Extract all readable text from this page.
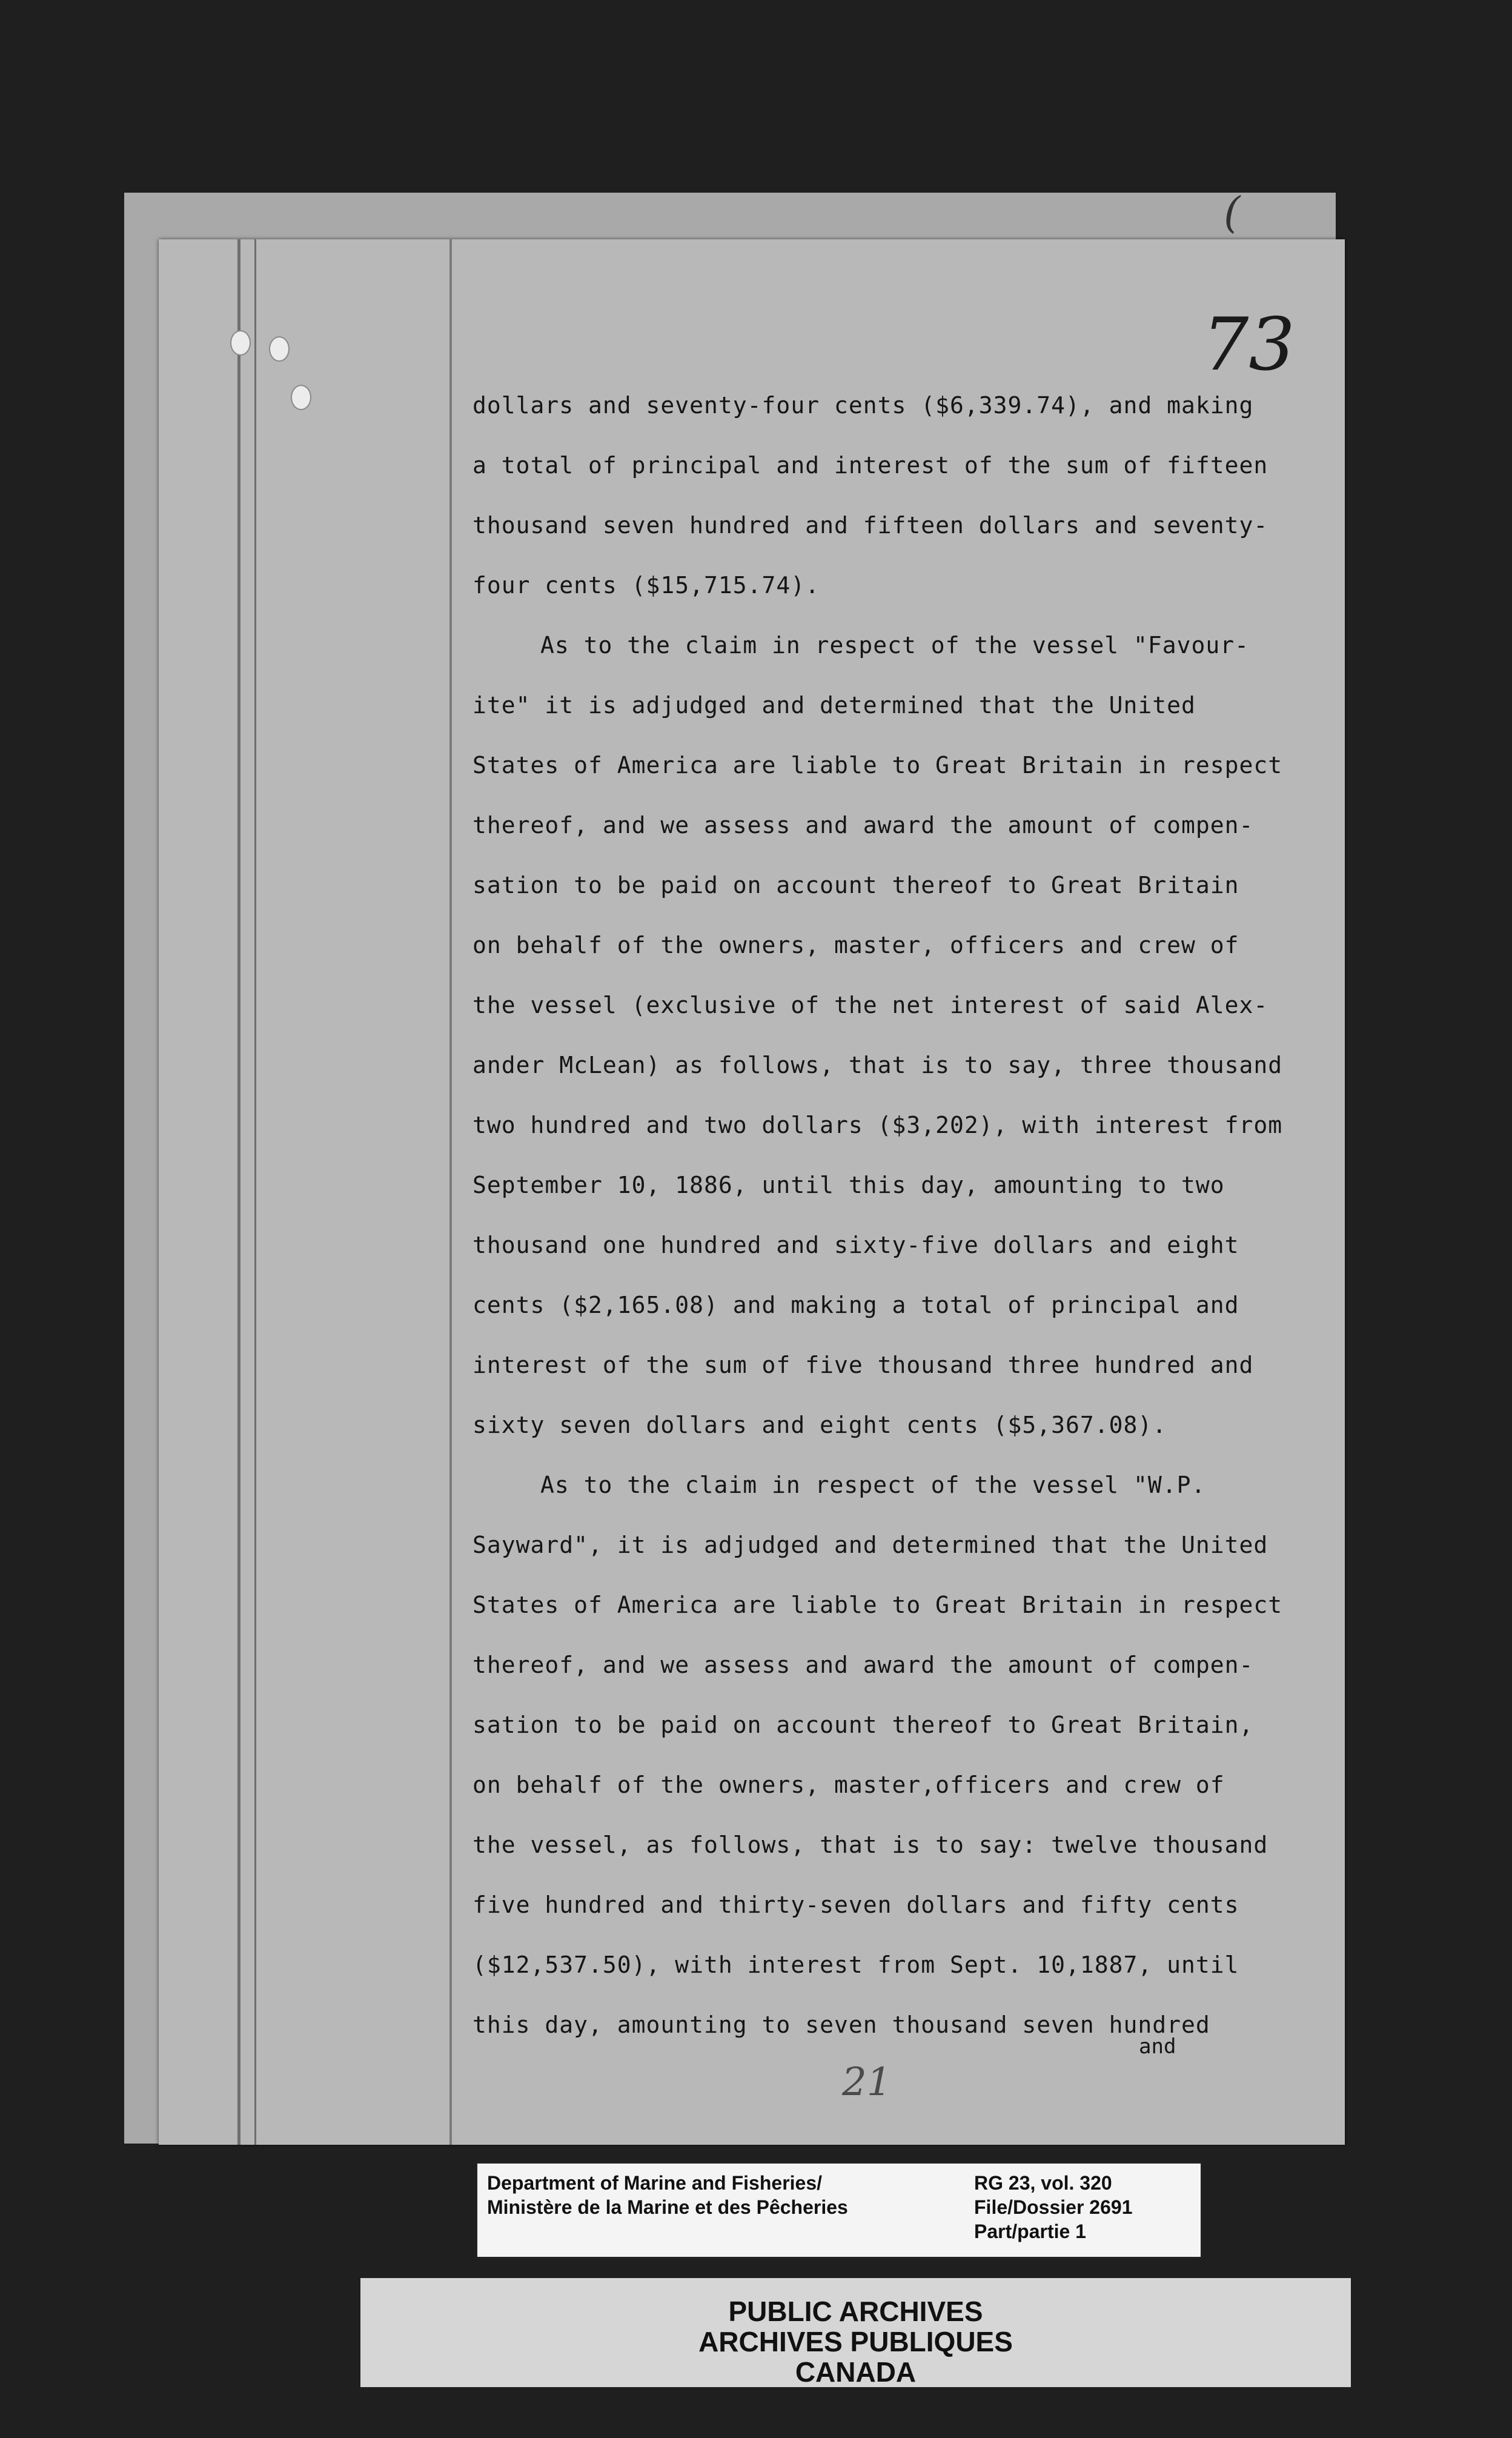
(
73
dollars and seventy-four cents ($6,339.74), and making
a total of principal and interest of the sum of fifteen
thousand seven hundred and fifteen dollars and seventy-
four cents ($15,715.74).
As to the claim in respect of the vessel "Favour-
ite" it is adjudged and determined that the United
States of America are liable to Great Britain in respect
thereof, and we assess and award the amount of compen-
sation to be paid on account thereof to Great Britain
on behalf of the owners, master, officers and crew of
the vessel (exclusive of the net interest of said Alex-
ander McLean) as follows, that is to say, three thousand
two hundred and two dollars ($3,202), with interest from
September 10, 1886, until this day, amounting to two
thousand one hundred and sixty-five dollars and eight
cents ($2,165.08) and making a total of principal and
interest of the sum of five thousand three hundred and
sixty seven dollars and eight cents ($5,367.08).
As to the claim in respect of the vessel "W.P.
Sayward", it is adjudged and determined that the United
States of America are liable to Great Britain in respect
thereof, and we assess and award the amount of compen-
sation to be paid on account thereof to Great Britain,
on behalf of the owners, master,officers and crew of
the vessel, as follows, that is to say: twelve thousand
five hundred and thirty-seven dollars and fifty cents
($12,537.50), with interest from Sept. 10,1887, until
this day, amounting to seven thousand seven hundred
and
21
Department of Marine and Fisheries/
Ministère de la Marine et des Pêcheries
RG 23, vol. 320
File/Dossier 2691
Part/partie 1
PUBLIC ARCHIVES
ARCHIVES PUBLIQUES
CANADA
